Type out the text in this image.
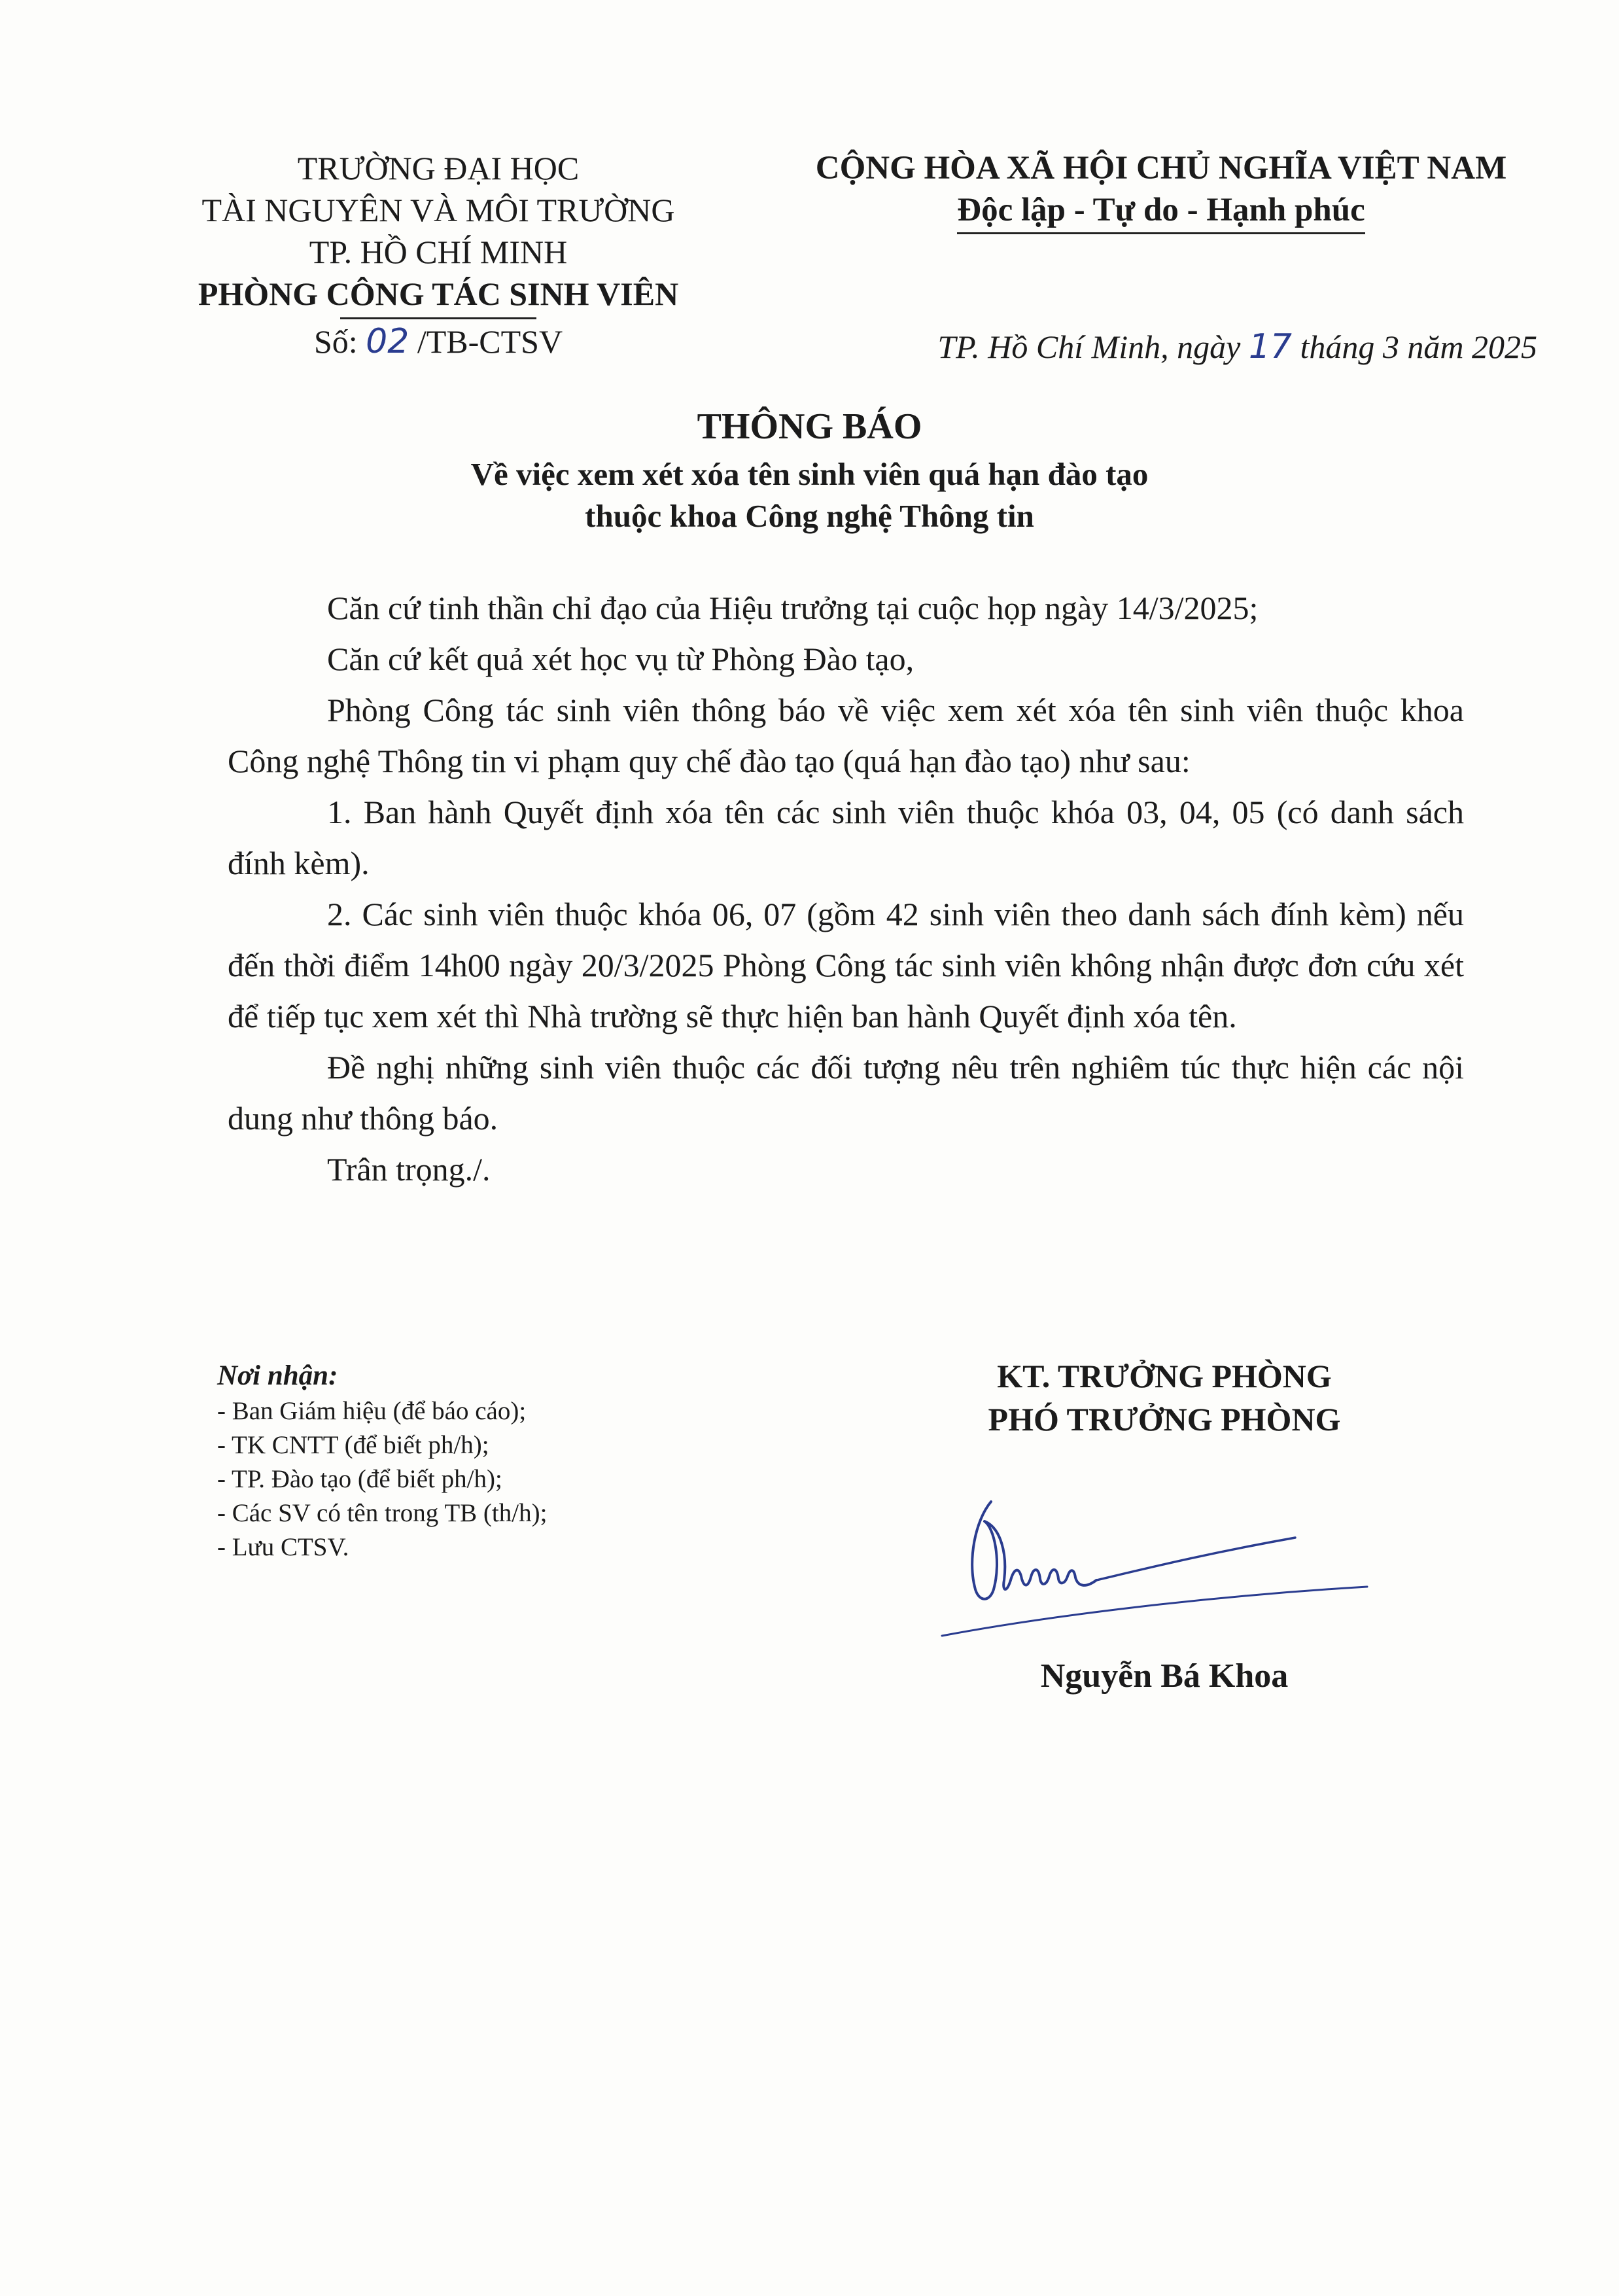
TRƯỜNG ĐẠI HỌC
TÀI NGUYÊN VÀ MÔI TRƯỜNG
TP. HỒ CHÍ MINH
PHÒNG CÔNG TÁC SINH VIÊN
Số: 02 /TB-CTSV
CỘNG HÒA XÃ HỘI CHỦ NGHĨA VIỆT NAM
Độc lập - Tự do - Hạnh phúc
TP. Hồ Chí Minh, ngày 17 tháng 3 năm 2025
THÔNG BÁO
Về việc xem xét xóa tên sinh viên quá hạn đào tạo
thuộc khoa Công nghệ Thông tin

Căn cứ tinh thần chỉ đạo của Hiệu trưởng tại cuộc họp ngày 14/3/2025;

Căn cứ kết quả xét học vụ từ Phòng Đào tạo,

Phòng Công tác sinh viên thông báo về việc xem xét xóa tên sinh viên thuộc khoa Công nghệ Thông tin vi phạm quy chế đào tạo (quá hạn đào tạo) như sau:

1. Ban hành Quyết định xóa tên các sinh viên thuộc khóa 03, 04, 05 (có danh sách đính kèm).

2. Các sinh viên thuộc khóa 06, 07 (gồm 42 sinh viên theo danh sách đính kèm) nếu đến thời điểm 14h00 ngày 20/3/2025 Phòng Công tác sinh viên không nhận được đơn cứu xét để tiếp tục xem xét thì Nhà trường sẽ thực hiện ban hành Quyết định xóa tên.

Đề nghị những sinh viên thuộc các đối tượng nêu trên nghiêm túc thực hiện các nội dung như thông báo.

Trân trọng./.

Nơi nhận:
- Ban Giám hiệu (để báo cáo);
- TK CNTT (để biết ph/h);
- TP. Đào tạo (để biết ph/h);
- Các SV có tên trong TB (th/h);
- Lưu CTSV.
KT. TRƯỞNG PHÒNG
PHÓ TRƯỞNG PHÒNG
Nguyễn Bá Khoa
